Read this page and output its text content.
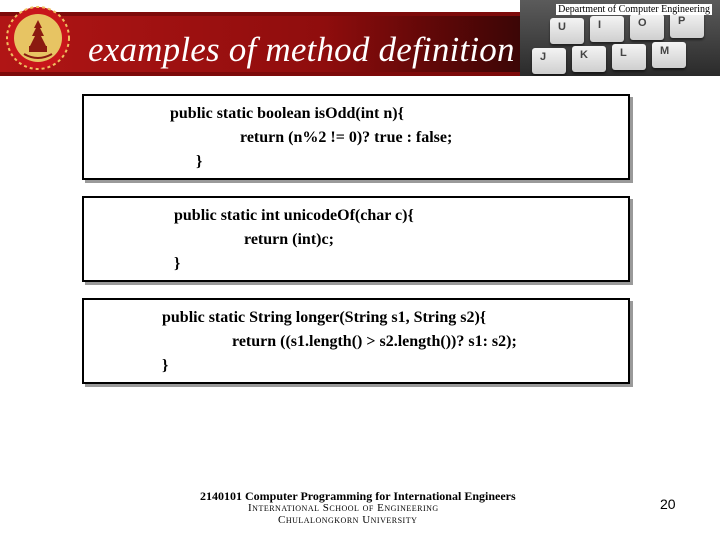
U	I	O	P
J	K	L	M
Department of Computer Engineering
examples of method definition
public static boolean isOdd(int n){
return (n%2 != 0)? true : false;
}
public static int unicodeOf(char c){
return (int)c;
}
public static String longer(String s1, String s2){
return ((s1.length() > s2.length())? s1: s2);
}
2140101 Computer Programming for International Engineers
International School of Engineering
Chulalongkorn University
20
